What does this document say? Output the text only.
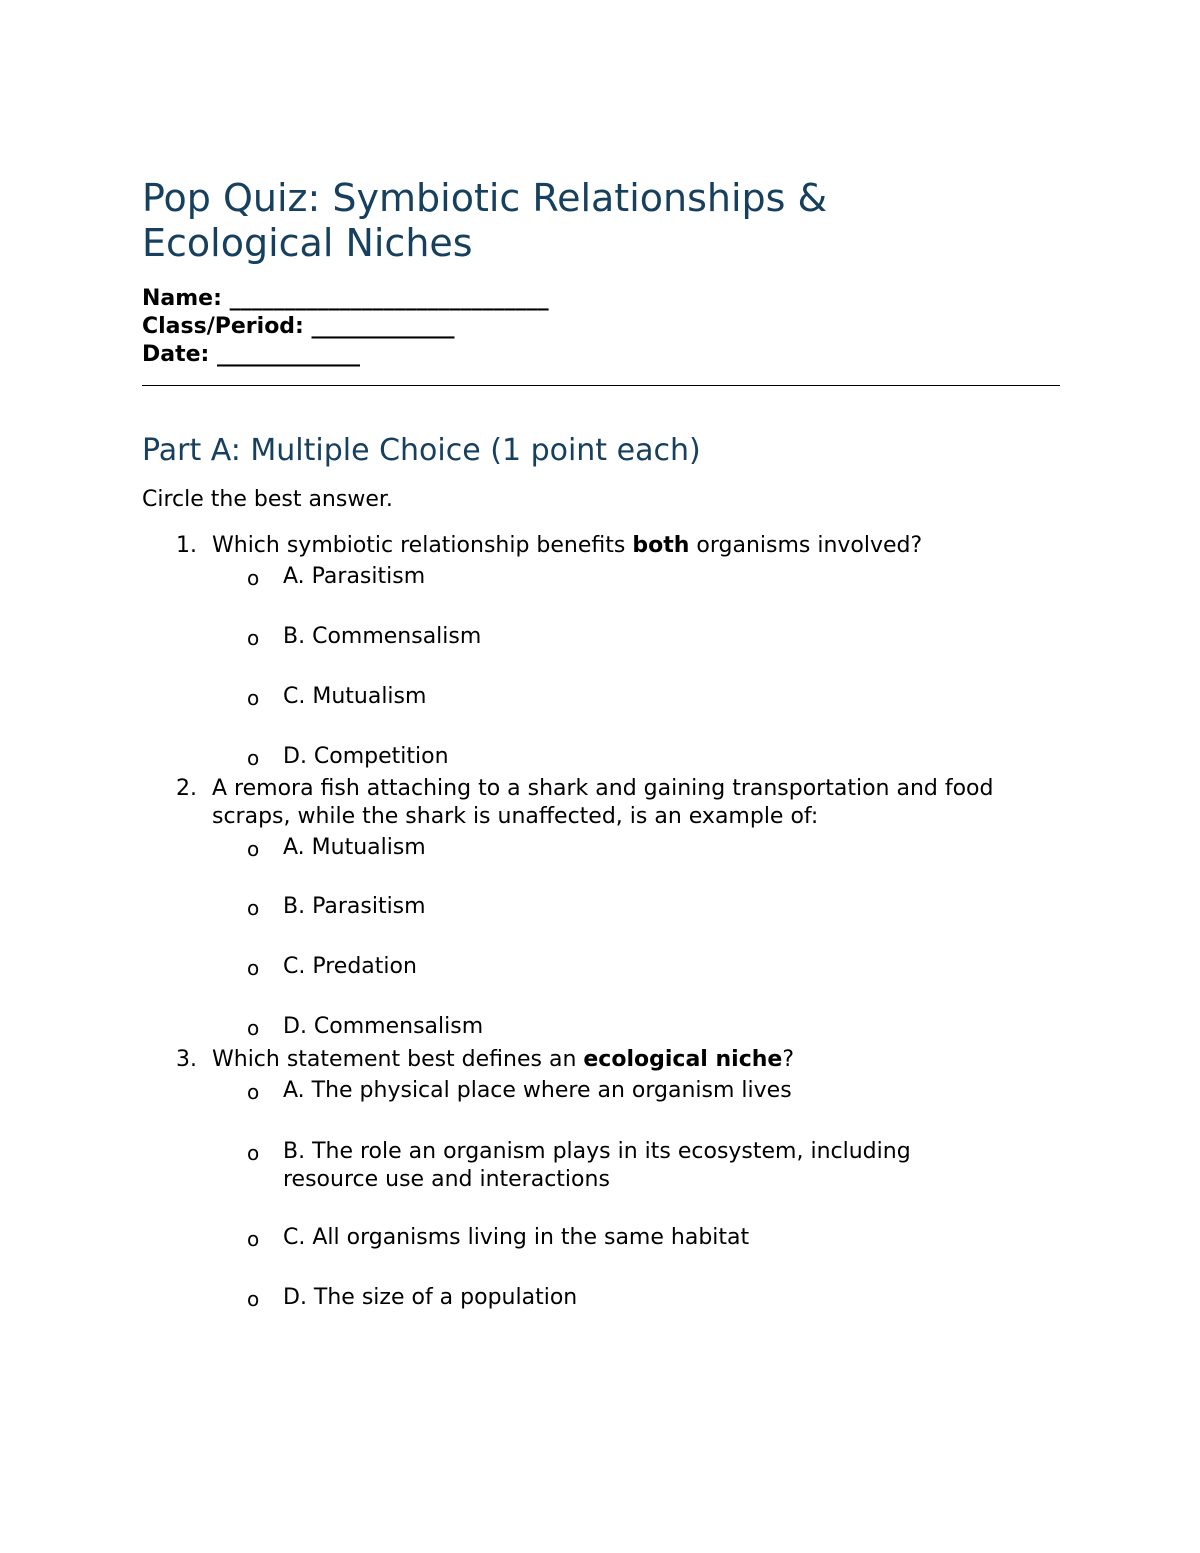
Pop Quiz: Symbiotic Relationships & Ecological Niches
Name: _____________________________
Class/Period: _____________
Date: _____________
Part A: Multiple Choice (1 point each)
Circle the best answer.
1. Which symbiotic relationship benefits both organisms involved?
o A. Parasitism
o B. Commensalism
o C. Mutualism
o D. Competition
2. A remora fish attaching to a shark and gaining transportation and food
scraps, while the shark is unaffected, is an example of:
o A. Mutualism
o B. Parasitism
o C. Predation
o D. Commensalism
3. Which statement best defines an ecological niche?
o A. The physical place where an organism lives
o B. The role an organism plays in its ecosystem, including
resource use and interactions
o C. All organisms living in the same habitat
o D. The size of a population
